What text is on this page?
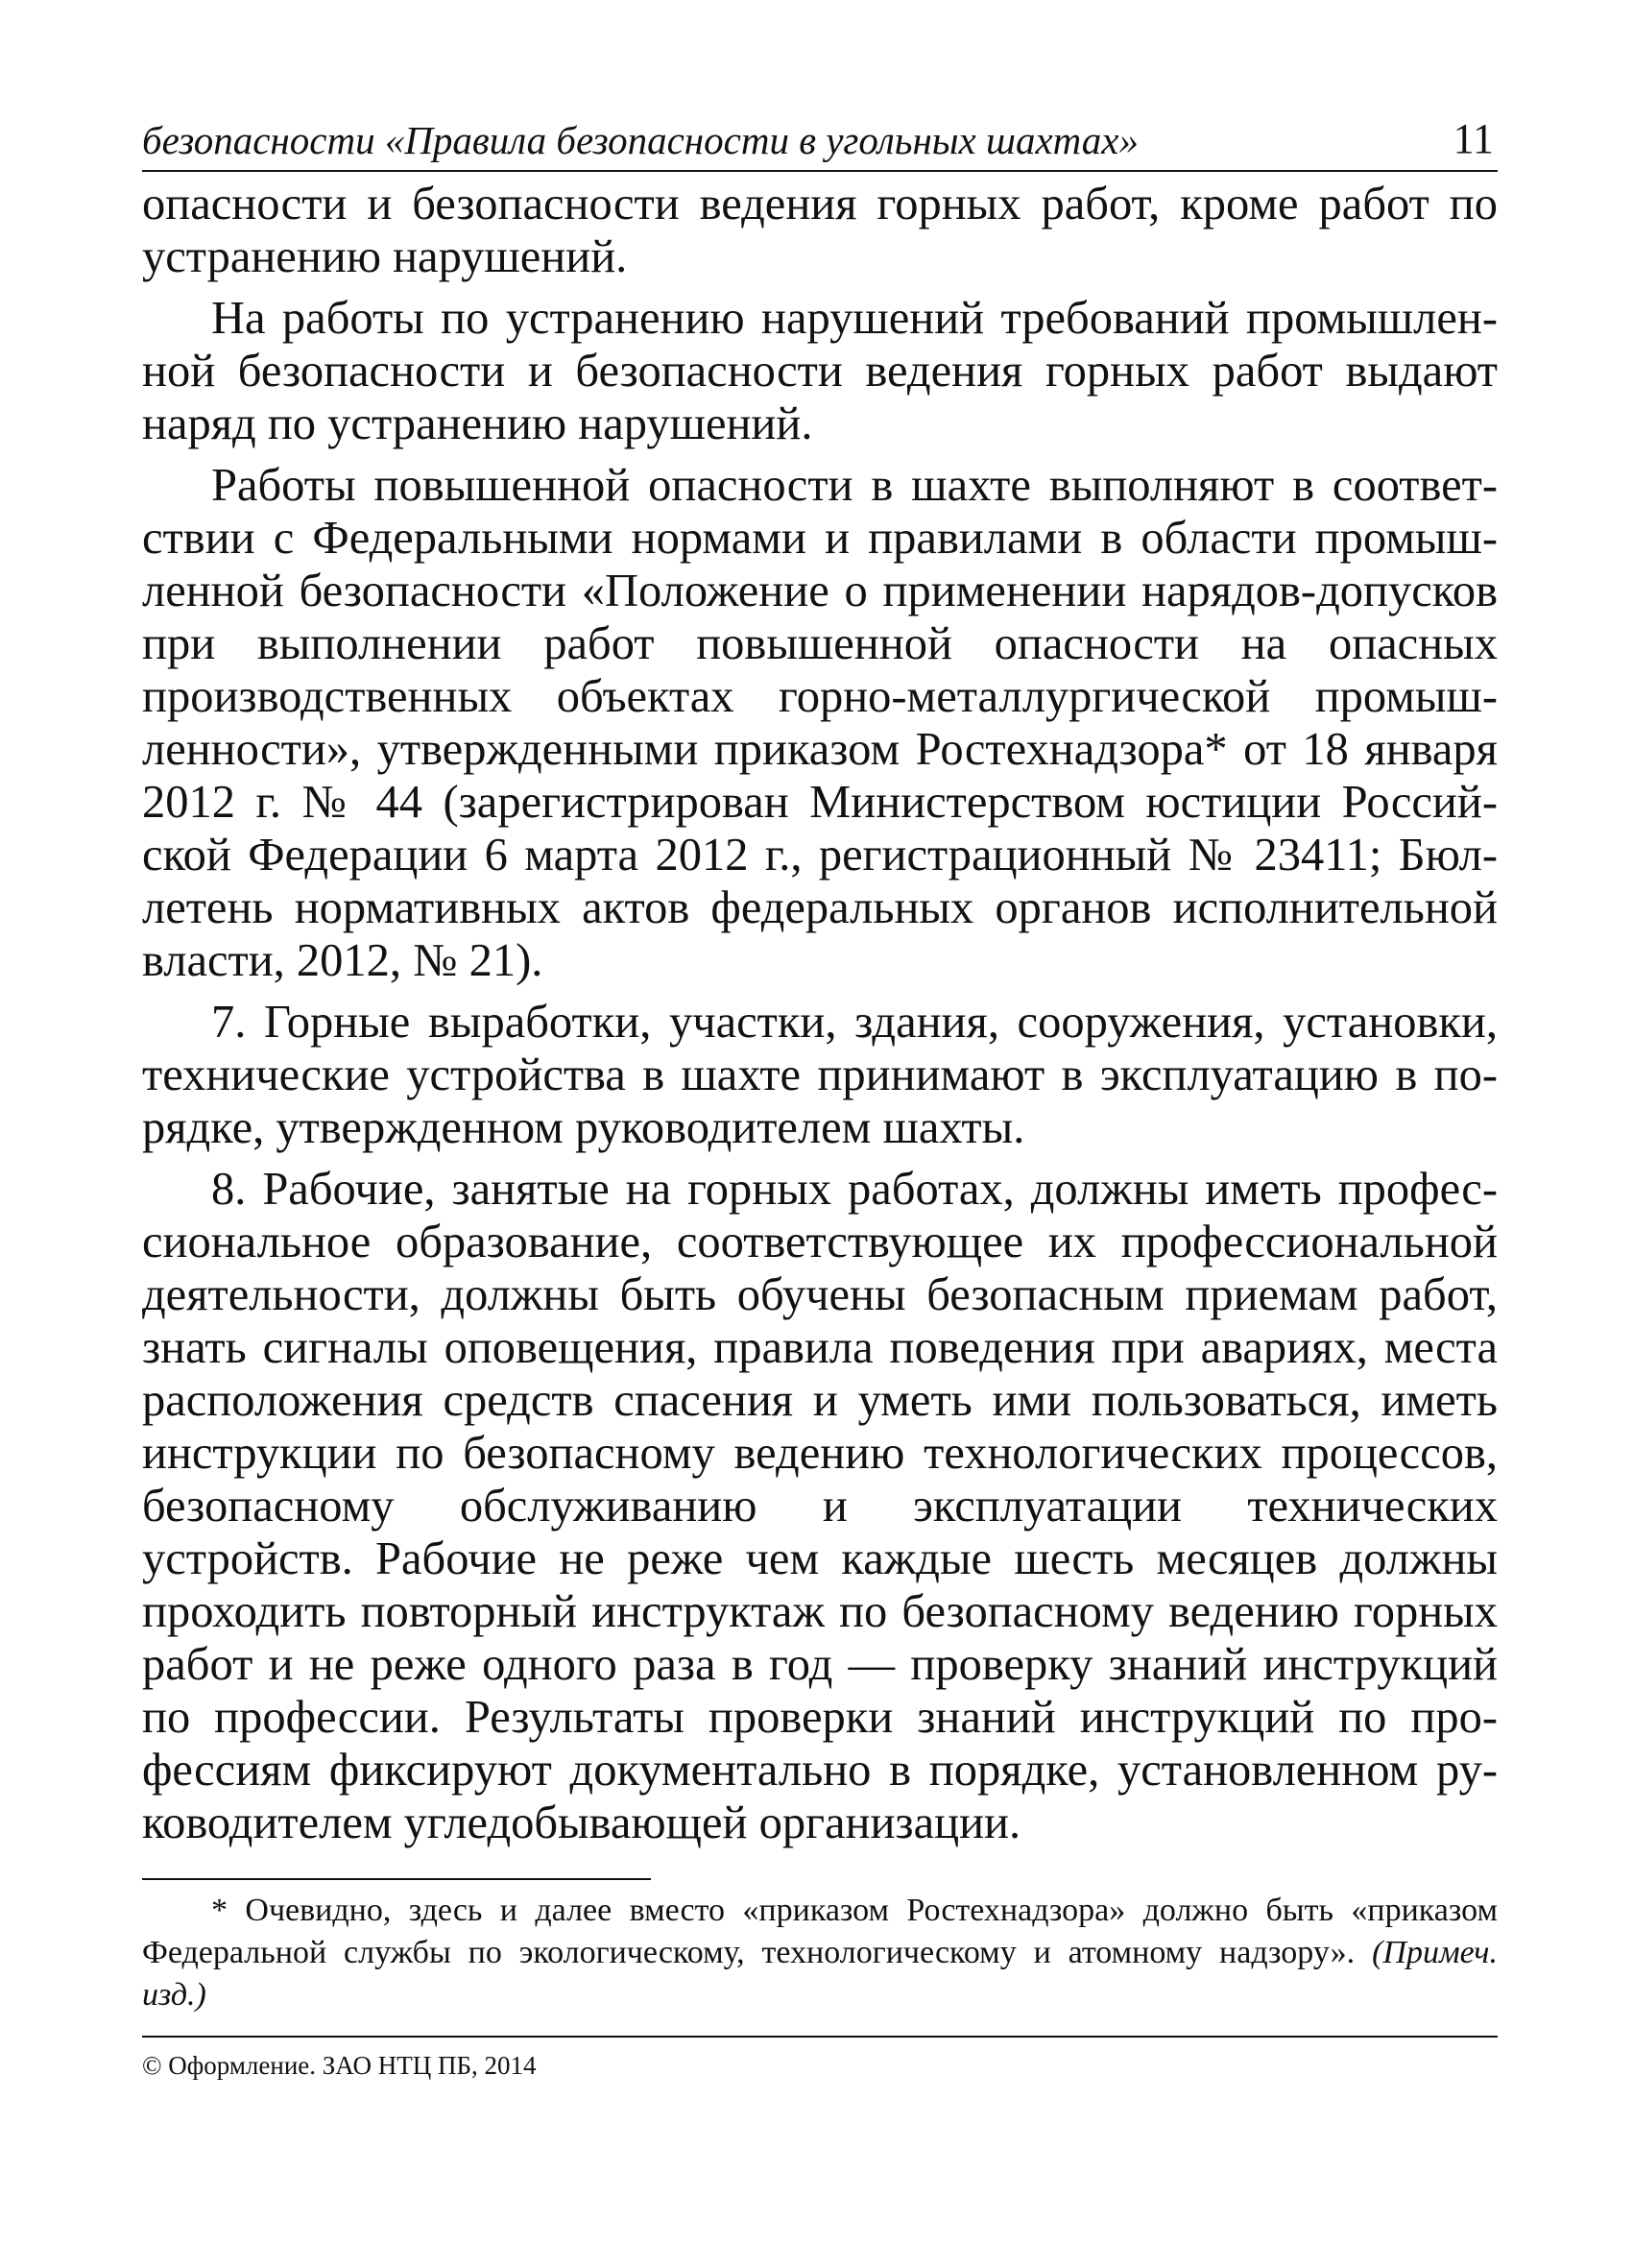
безопасности «Правила безопасности в угольных шахтах»	11

опасности и безопасности ведения горных работ, кроме работ по устранению нарушений.

На работы по устранению нарушений требований промышленной безопасности и безопасности ведения горных работ выдают наряд по устранению нарушений.

Работы повышенной опасности в шахте выполняют в соответствии с Федеральными нормами и правилами в области промышленной безопасности «Положение о применении нарядов-допусков при выполнении работ повышенной опасности на опасных производственных объектах горно-металлургической промышленности», утвержденными приказом Ростехнадзора* от 18 января 2012 г. № 44 (зарегистрирован Министерством юстиции Российской Федерации 6 марта 2012 г., регистрационный № 23411; Бюллетень нормативных актов федеральных органов исполнительной власти, 2012, № 21).

7. Горные выработки, участки, здания, сооружения, установки, технические устройства в шахте принимают в эксплуатацию в порядке, утвержденном руководителем шахты.

8. Рабочие, занятые на горных работах, должны иметь профессиональное образование, соответствующее их профессиональной деятельности, должны быть обучены безопасным приемам работ, знать сигналы оповещения, правила поведения при авариях, места расположения средств спасения и уметь ими пользоваться, иметь инструкции по безопасному ведению технологических процессов, безопасному обслуживанию и эксплуатации технических устройств. Рабочие не реже чем каждые шесть месяцев должны проходить повторный инструктаж по безопасному ведению горных работ и не реже одного раза в год — проверку знаний инструкций по профессии. Результаты проверки знаний инструкций по профессиям фиксируют документально в порядке, установленном руководителем угледобывающей организации.

* Очевидно, здесь и далее вместо «приказом Ростехнадзора» должно быть «приказом Федеральной службы по экологическому, технологическому и атомному надзору». (Примеч. изд.)
© Оформление. ЗАО НТЦ ПБ, 2014
